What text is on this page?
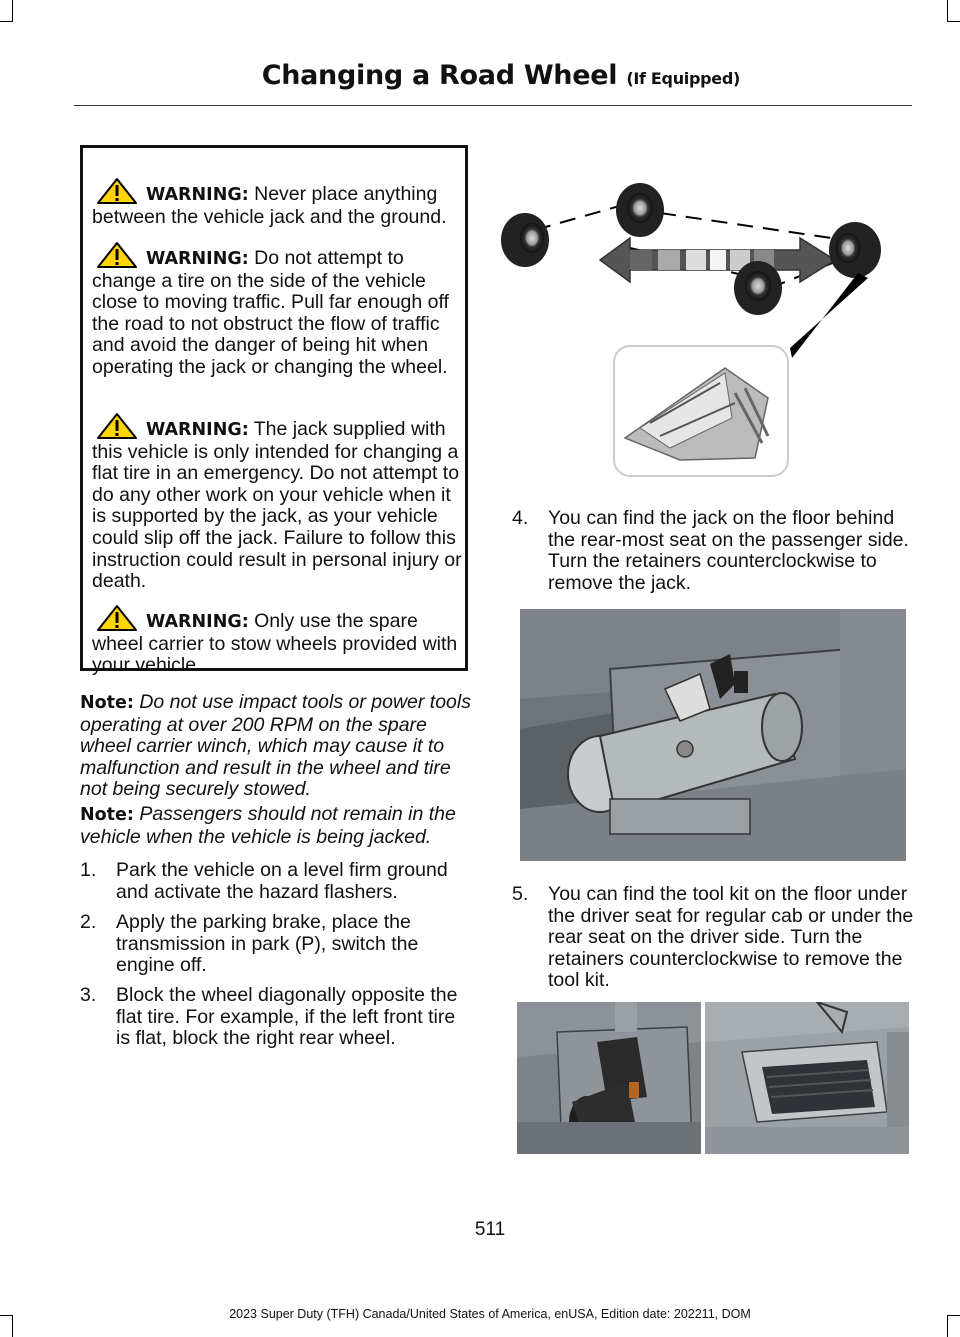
Changing a Road Wheel (If Equipped)
WARNING: Never place anything between the vehicle jack and the ground.
WARNING: Do not attempt to change a tire on the side of the vehicle close to moving traffic. Pull far enough off the road to not obstruct the flow of traffic and avoid the danger of being hit when operating the jack or changing the wheel.
WARNING: The jack supplied with this vehicle is only intended for changing a flat tire in an emergency. Do not attempt to do any other work on your vehicle when it is supported by the jack, as your vehicle could slip off the jack. Failure to follow this instruction could result in personal injury or death.
WARNING: Only use the spare wheel carrier to stow wheels provided with your vehicle.
Note: Do not use impact tools or power tools operating at over 200 RPM on the spare wheel carrier winch, which may cause it to malfunction and result in the wheel and tire not being securely stowed.
Note: Passengers should not remain in the vehicle when the vehicle is being jacked.
1. Park the vehicle on a level firm ground and activate the hazard flashers.
2. Apply the parking brake, place the transmission in park (P), switch the engine off.
3. Block the wheel diagonally opposite the flat tire. For example, if the left front tire is flat, block the right rear wheel.
4. You can find the jack on the floor behind the rear-most seat on the passenger side. Turn the retainers counterclockwise to remove the jack.
5. You can find the tool kit on the floor under the driver seat for regular cab or under the rear seat on the driver side. Turn the retainers counterclockwise to remove the tool kit.
511
2023 Super Duty (TFH) Canada/United States of America, enUSA, Edition date: 202211, DOM
